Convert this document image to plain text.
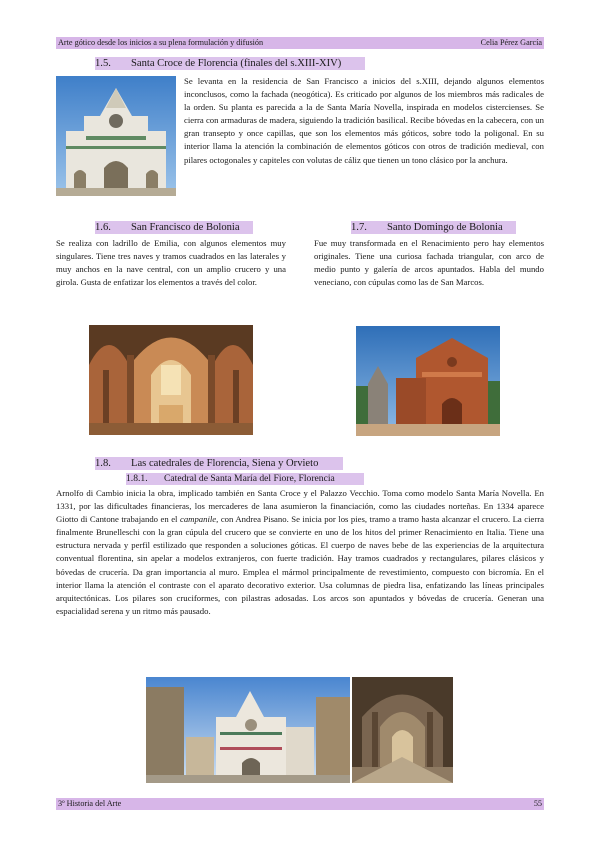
Arte gótico desde los inicios a su plena formulación y difusión	Celia Pérez García
1.5. Santa Croce de Florencia (finales del s.XIII-XIV)

Se levanta en la residencia de San Francisco a inicios del s.XIII, dejando algunos elementos inconclusos, como la fachada (neogótica). Es criticado por algunos de los miembros más radicales de la orden. Su planta es parecida a la de Santa María Novella, inspirada en modelos cistercienses. Se cierra con armaduras de madera, siguiendo la tradición basilical. Recibe bóvedas en la cabecera, con un gran transepto y once capillas, que son los elementos más góticos, sobre todo la poligonal. En su interior llama la atención la combinación de elementos góticos con otros de tradición medieval, con pilares octogonales y capiteles con volutas de cáliz que tienen un tono clásico por la anchura.

1.6. San Francisco de Bolonia

Se realiza con ladrillo de Emilia, con algunos elementos muy singulares. Tiene tres naves y tramos cuadrados en las laterales y muy anchos en la nave central, con un amplio crucero y una girola. Gusta de enfatizar los elementos a través del color.

1.7. Santo Domingo de Bolonia

Fue muy transformada en el Renacimiento pero hay elementos originales. Tiene una curiosa fachada triangular, con arco de medio punto y galería de arcos apuntados. Habla del mundo veneciano, con cúpulas como las de San Marcos.

1.8. Las catedrales de Florencia, Siena y Orvieto
1.8.1. Catedral de Santa María del Fiore, Florencia

Arnolfo di Cambio inicia la obra, implicado también en Santa Croce y el Palazzo Vecchio. Toma como modelo Santa María Novella. En 1331, por las dificultades financieras, los mercaderes de lana asumieron la financiación, como las ciudades norteñas. En 1334 aparece Giotto di Cantone trabajando en el campanile, con Andrea Pisano. Se inicia por los pies, tramo a tramo hasta alcanzar el crucero. La cierra finalmente Brunelleschi con la gran cúpula del crucero que se convierte en uno de los hitos del primer Renacimiento en Italia. Tiene una estructura nervada y perfil estilizado que responden a soluciones góticas. El cuerpo de naves bebe de las experiencias de la arquitectura conventual florentina, sin apelar a modelos extranjeros, con fuerte tradición. Hay tramos cuadrados y rectangulares, pilares clásicos y bóvedas de crucería. Da gran importancia al muro. Emplea el mármol principalmente de revestimiento, compuesto con bicromía. En el interior llama la atención el contraste con el aparato decorativo exterior. Usa columnas de piedra lisa, enfatizando las líneas principales arquitectónicas. Los pilares son cruciformes, con pilastras adosadas. Los arcos son apuntados y bóvedas de crucería. Generan una espacialidad serena y un ritmo más pausado.

3º Historia del Arte	55
